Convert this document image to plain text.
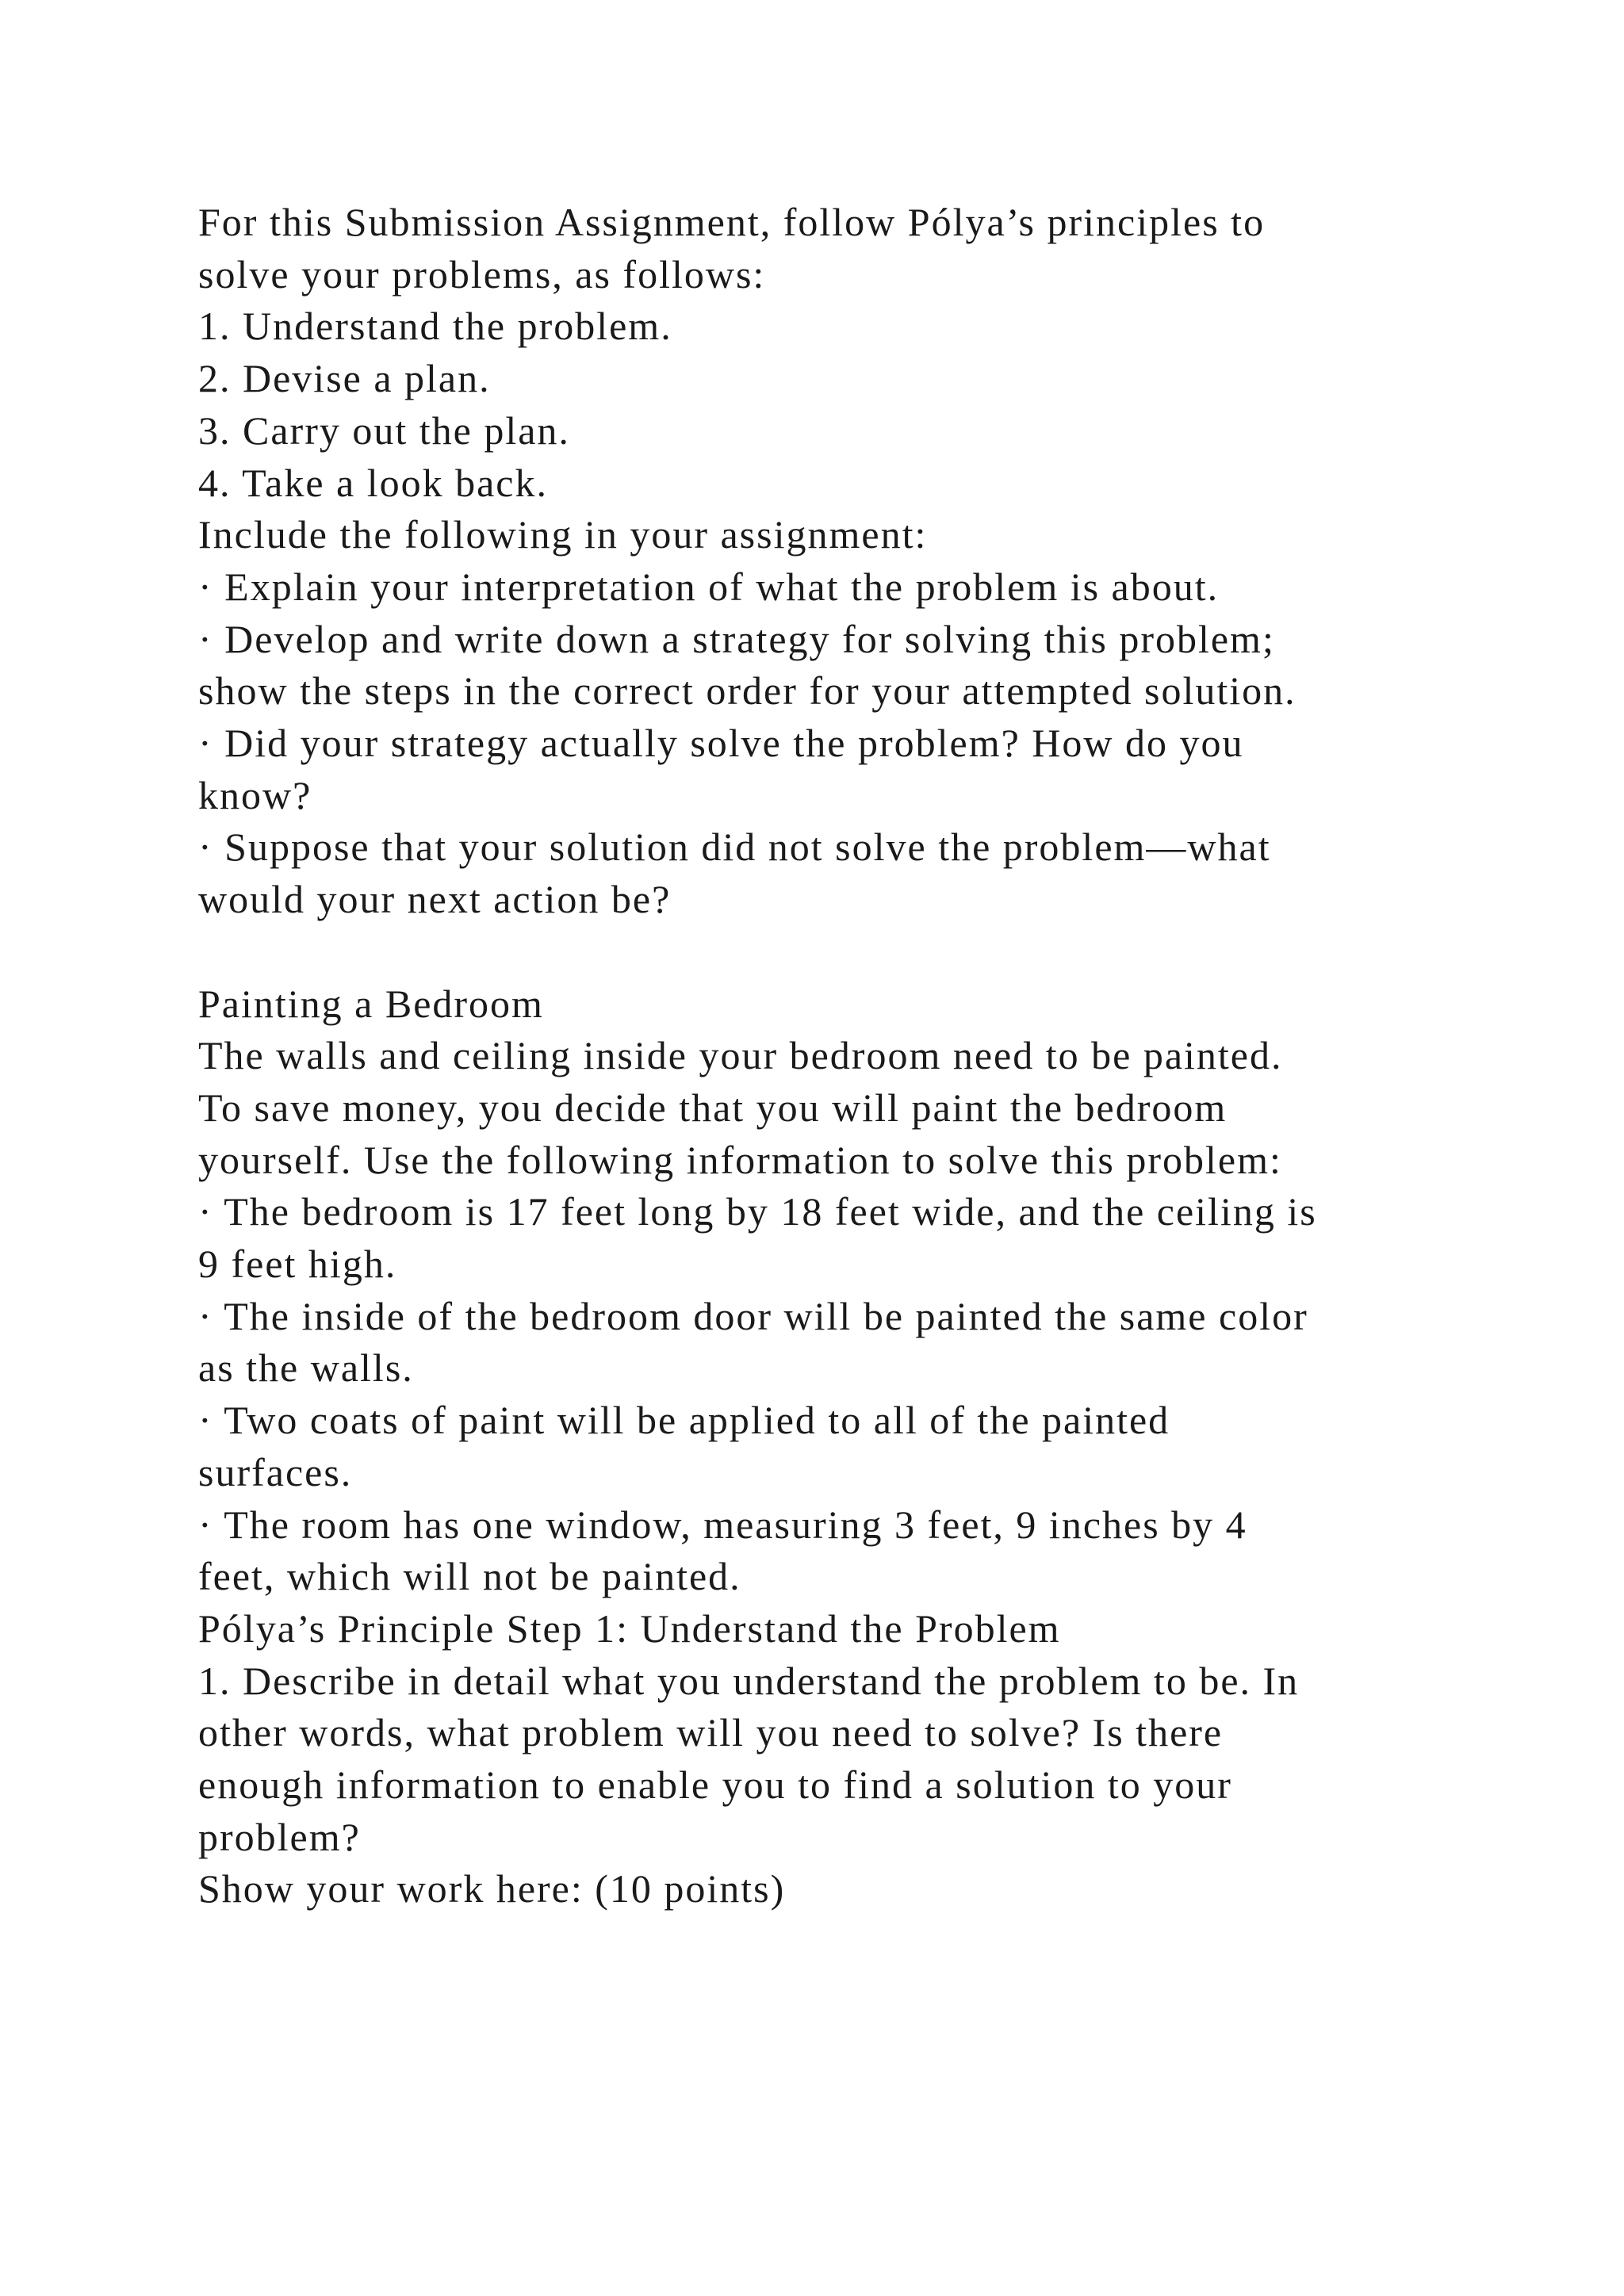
For this Submission Assignment, follow Pólya’s principles to
solve your problems, as follows:
1. Understand the problem.
2. Devise a plan.
3. Carry out the plan.
4. Take a look back.
Include the following in your assignment:
· Explain your interpretation of what the problem is about.
· Develop and write down a strategy for solving this problem;
show the steps in the correct order for your attempted solution.
· Did your strategy actually solve the problem? How do you
know?
· Suppose that your solution did not solve the problem—what
would your next action be?
Painting a Bedroom
The walls and ceiling inside your bedroom need to be painted.
To save money, you decide that you will paint the bedroom
yourself. Use the following information to solve this problem:
· The bedroom is 17 feet long by 18 feet wide, and the ceiling is
9 feet high.
· The inside of the bedroom door will be painted the same color
as the walls.
· Two coats of paint will be applied to all of the painted
surfaces.
· The room has one window, measuring 3 feet, 9 inches by 4
feet, which will not be painted.
Pólya’s Principle Step 1: Understand the Problem
1. Describe in detail what you understand the problem to be. In
other words, what problem will you need to solve? Is there
enough information to enable you to find a solution to your
problem?
Show your work here: (10 points)
